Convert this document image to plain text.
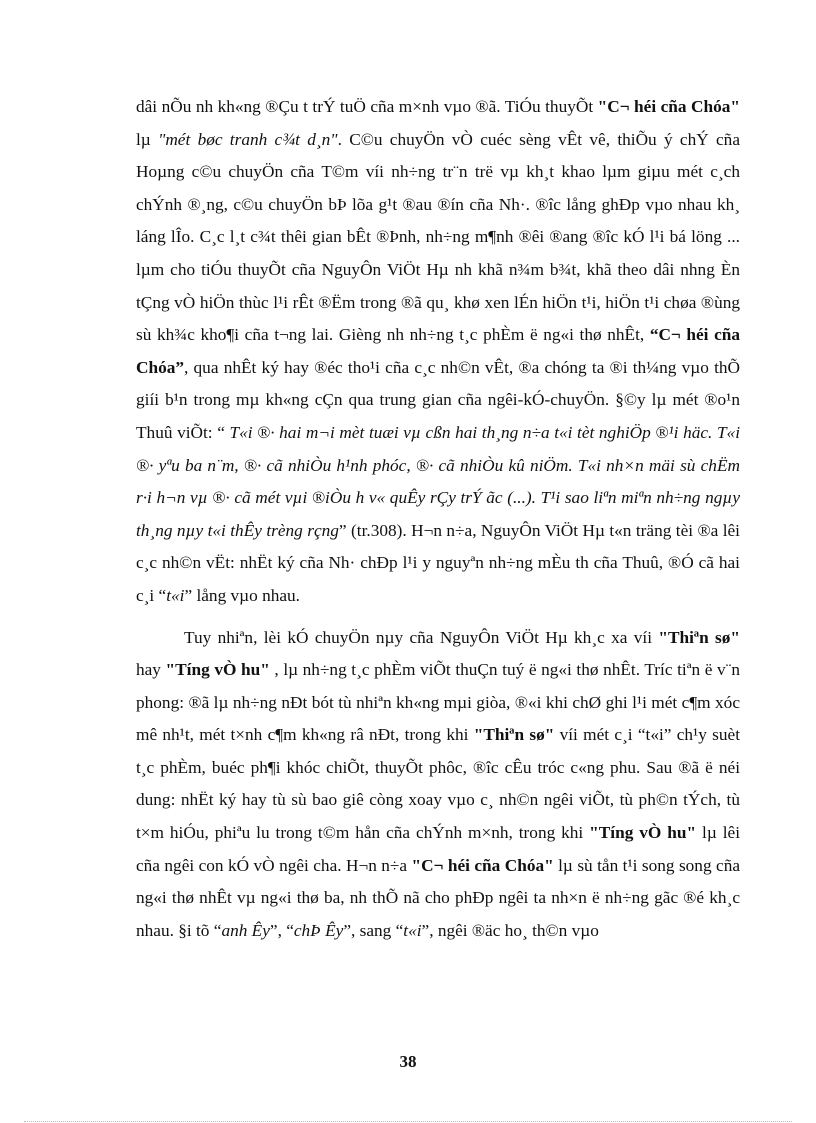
dâi nÕu nh kh«ng ®Çu t trÝ tuÖ cña m×nh vµo ®ã. TiÓu thuyÕt "C¬ héi cña Chóa" lµ "mét bøc tranh c¾t d¸n". C©u chuyÖn vÒ cuéc sèng vÊt vê, thiÕu ý chÝ cña Hoµng c©u chuyÖn cña T©m víi nh÷ng tr¨n trë vµ kh¸t khao lµm giµu mét c¸ch chÝnh ®¸ng, c©u chuyÖn bÞ lõa g¹t ®au ®ín cña Nh·. ®îc lång ghÐp vµo nhau kh¸ láng lÎo. C¸c l¸t c¾t thêi gian bÊt ®Þnh, nh÷ng m¶nh ®êi ®ang ®îc kÓ l¹i bá löng ... lµm cho tiÓu thuyÕt cña NguyÔn ViÖt Hµ nh khã n¾m b¾t, khã theo dâi nhng Èn tÇng vÒ hiÖn thùc l¹i rÊt ®Ëm trong ®ã qu¸ khø xen lÉn hiÖn t¹i, hiÖn t¹i chøa ®ùng sù kh¾c kho¶i cña t¬ng lai. Gièng nh nh÷ng t¸c phÈm ë ng«i thø nhÊt, “C¬ héi cña Chóa”, qua nhÊt ký hay ®éc tho¹i cña c¸c nh©n vÊt, ®a chóng ta ®i th¼ng vµo thÕ giíi b¹n trong mµ kh«ng cÇn qua trung gian cña ngêi-kÓ-chuyÖn. §©y lµ mét ®o¹n Thuû viÕt: “ T«i ®· hai m¬i mèt tuæi vµ cßn hai th¸ng n÷a t«i tèt nghiÖp ®¹i häc. T«i ®· yªu ba n¨m, ®· cã nhiÒu h¹nh phóc, ®· cã nhiÒu kû niÖm. T«i nh×n mäi sù chËm r·i h¬n vµ ®· cã mét vµi ®iÒu h v« quÊy rÇy trÝ ãc (...). T¹i sao liªn miªn nh÷ng ngµy th¸ng nµy t«i thÊy trèng rçng” (tr.308). H¬n n÷a, NguyÔn ViÖt Hµ t«n träng tèi ®a lêi c¸c nh©n vËt: nhËt ký cña Nh· chÐp l¹i y nguyªn nh÷ng mÈu th cña Thuû, ®Ó cã hai c¸i “t«i” lång vµo nhau.

Tuy nhiªn, lèi kÓ chuyÖn nµy cña NguyÔn ViÖt Hµ kh¸c xa víi "Thiªn sø" hay "Tíng vÒ hu" , lµ nh÷ng t¸c phÈm viÕt thuÇn tuý ë ng«i thø nhÊt. Tríc tiªn ë v¨n phong: ®ã lµ nh÷ng nÐt bót tù nhiªn kh«ng mµi giòa, ®«i khi chØ ghi l¹i mét c¶m xóc mê nh¹t, mét t×nh c¶m kh«ng râ nÐt, trong khi "Thiªn sø" víi mét c¸i “t«i” ch¹y suèt t¸c phÈm, buéc ph¶i khóc chiÕt, thuyÕt phôc, ®îc cÊu tróc c«ng phu. Sau ®ã ë néi dung: nhËt ký hay tù sù bao giê còng xoay vµo c¸ nh©n ngêi viÕt, tù ph©n tÝch, tù t×m hiÓu, phiªu lu trong t©m hån cña chÝnh m×nh, trong khi "Tíng vÒ hu" lµ lêi cña ngêi con kÓ vÒ ngêi cha. H¬n n÷a "C¬ héi cña Chóa" lµ sù tån t¹i song song cña ng«i thø nhÊt vµ ng«i thø ba, nh thÕ nã cho phÐp ngêi ta nh×n ë nh÷ng gãc ®é kh¸c nhau. §i tõ “anh Êy”, “chÞ Êy”, sang “t«i”, ngêi ®äc ho¸ th©n vµo

38
